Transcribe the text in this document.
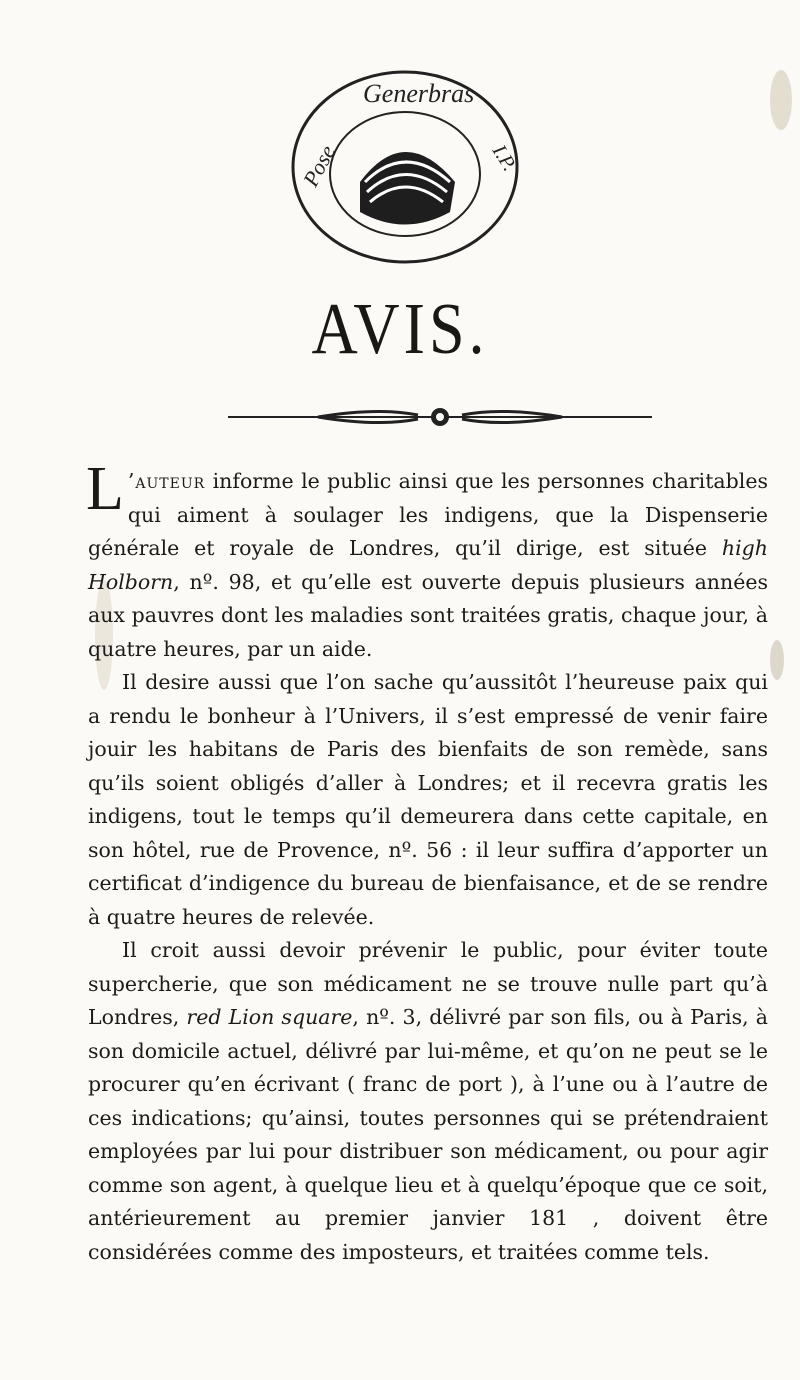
Generbras
Pose	I.P.
AVIS.

L ’auteur informe le public ainsi que les personnes charitables qui aiment à soulager les indigens, que la Dispenserie générale et royale de Londres, qu’il dirige, est située high Holborn, nº. 98, et qu’elle est ouverte depuis plusieurs années aux pauvres dont les maladies sont traitées gratis, chaque jour, à quatre heures, par un aide.

Il desire aussi que l’on sache qu’aussitôt l’heureuse paix qui a rendu le bonheur à l’Univers, il s’est empressé de venir faire jouir les habitans de Paris des bienfaits de son remède, sans qu’ils soient obligés d’aller à Londres; et il recevra gratis les indigens, tout le temps qu’il demeurera dans cette capitale, en son hôtel, rue de Provence, nº. 56 : il leur suffira d’apporter un certificat d’indigence du bureau de bienfaisance, et de se rendre à quatre heures de relevée.

Il croit aussi devoir prévenir le public, pour éviter toute supercherie, que son médicament ne se trouve nulle part qu’à Londres, red Lion square, nº. 3, délivré par son fils, ou à Paris, à son domicile actuel, délivré par lui-même, et qu’on ne peut se le procurer qu’en écrivant ( franc de port ), à l’une ou à l’autre de ces indications; qu’ainsi, toutes personnes qui se prétendraient employées par lui pour distribuer son médicament, ou pour agir comme son agent, à quelque lieu et à quelqu’époque que ce soit, antérieurement au premier janvier 181 , doivent être considérées comme des imposteurs, et traitées comme tels.
